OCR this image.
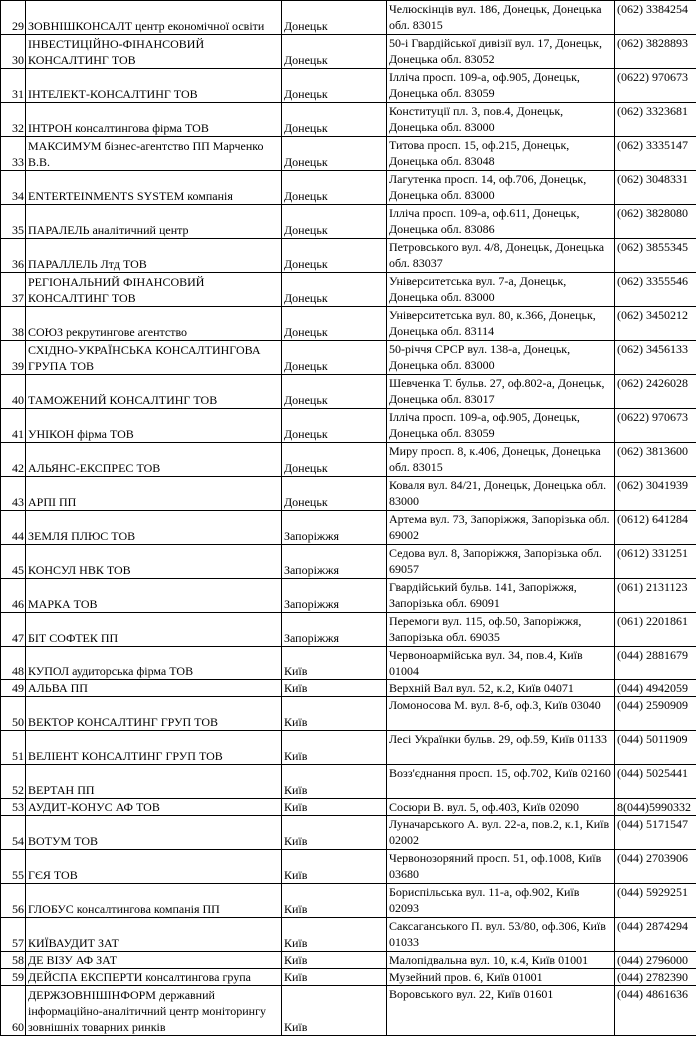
29	ЗОВНІШКОНСАЛТ центр економічної освіти	Донецьк	Челюскінців вул. 186, Донецьк, Донецька обл. 83015	(062) 3384254
30	ІНВЕСТИЦІЙНО-ФІНАНСОВИЙ КОНСАЛТИНГ ТОВ	Донецьк	50-і Гвардійської дивізії вул. 17, Донецьк, Донецька обл. 83052	(062) 3828893
31	ІНТЕЛЕКТ-КОНСАЛТИНГ ТОВ	Донецьк	Ілліча просп. 109-а, оф.905, Донецьк, Донецька обл. 83059	(0622) 970673
32	ІНТРОН консалтингова фірма ТОВ	Донецьк	Конституції пл. 3, пов.4, Донецьк, Донецька обл. 83000	(062) 3323681
33	МАКСИМУМ бізнес-агентство ПП Марченко В.В.	Донецьк	Титова просп. 15, оф.215, Донецьк, Донецька обл. 83048	(062) 3335147
34	ENTERTEINMENTS SYSTEM компанія	Донецьк	Лагутенка просп. 14, оф.706, Донецьк, Донецька обл. 83000	(062) 3048331
35	ПАРАЛЕЛЬ аналітичний центр	Донецьк	Ілліча просп. 109-а, оф.611, Донецьк, Донецька обл. 83086	(062) 3828080
36	ПАРАЛЛЕЛЬ Лтд ТОВ	Донецьк	Петровського вул. 4/8, Донецьк, Донецька обл. 83037	(062) 3855345
37	РЕГІОНАЛЬНИЙ ФІНАНСОВИЙ КОНСАЛТИНГ ТОВ	Донецьк	Університетська вул. 7-а, Донецьк, Донецька обл. 83000	(062) 3355546
38	СОЮЗ рекрутингове агентство	Донецьк	Університетська вул. 80, к.366, Донецьк, Донецька обл. 83114	(062) 3450212
39	СХІДНО-УКРАЇНСЬКА КОНСАЛТИНГОВА ГРУПА ТОВ	Донецьк	50-річчя СРСР вул. 138-а, Донецьк, Донецька обл. 83000	(062) 3456133
40	ТАМОЖЕНИЙ КОНСАЛТИНГ ТОВ	Донецьк	Шевченка Т. бульв. 27, оф.802-а, Донецьк, Донецька обл. 83017	(062) 2426028
41	УНІКОН фірма ТОВ	Донецьк	Ілліча просп. 109-а, оф.905, Донецьк, Донецька обл. 83059	(0622) 970673
42	АЛЬЯНС-ЕКСПРЕС ТОВ	Донецьк	Миру просп. 8, к.406, Донецьк, Донецька обл. 83015	(062) 3813600
43	АРПІ ПП	Донецьк	Коваля вул. 84/21, Донецьк, Донецька обл. 83000	(062) 3041939
44	ЗЕМЛЯ ПЛЮС ТОВ	Запоріжжя	Артема вул. 73, Запоріжжя, Запорізька обл. 69002	(0612) 641284
45	КОНСУЛ НВК ТОВ	Запоріжжя	Седова вул. 8, Запоріжжя, Запорізька обл. 69057	(0612) 331251
46	МАРКА ТОВ	Запоріжжя	Гвардійський бульв. 141, Запоріжжя, Запорізька обл. 69091	(061) 2131123
47	БІТ СОФТЕК ПП	Запоріжжя	Перемоги вул. 115, оф.50, Запоріжжя, Запорізька обл. 69035	(061) 2201861
48	КУПОЛ аудиторська фірма ТОВ	Київ	Червоноармійська вул. 34, пов.4, Київ 01004	(044) 2881679
49	АЛЬВА ПП	Київ	Верхній Вал вул. 52, к.2, Київ 04071	(044) 4942059
50	ВЕКТОР КОНСАЛТИНГ ГРУП ТОВ	Київ	Ломоносова М. вул. 8-б, оф.3, Київ 03040	(044) 2590909
51	ВЕЛІЕНТ КОНСАЛТИНГ ГРУП ТОВ	Київ	Лесі Українки бульв. 29, оф.59, Київ 01133	(044) 5011909
52	ВЕРТАН ПП	Київ	Возз'єднання просп. 15, оф.702, Київ 02160	(044) 5025441
53	АУДИТ-КОНУС АФ ТОВ	Київ	Сосюри В. вул. 5, оф.403, Київ 02090	8(044)5990332
54	ВОТУМ ТОВ	Київ	Луначарського А. вул. 22-а, пов.2, к.1, Київ 02002	(044) 5171547
55	ГЄЯ ТОВ	Київ	Червонозоряний просп. 51, оф.1008, Київ 03680	(044) 2703906
56	ГЛОБУС консалтингова компанія ПП	Київ	Бориспільська вул. 11-а, оф.902, Київ 02093	(044) 5929251
57	КИЇВАУДИТ ЗАТ	Київ	Саксаганського П. вул. 53/80, оф.306, Київ 01033	(044) 2874294
58	ДЕ ВІЗУ АФ ЗАТ	Київ	Малопідвальна вул. 10, к.4, Київ 01001	(044) 2796000
59	ДЕЙСПА ЕКСПЕРТИ консалтингова група	Київ	Музейний пров. 6, Київ 01001	(044) 2782390
60	ДЕРЖЗОВНІШІНФОРМ державний інформаційно-аналітичний центр моніторингу зовнішніх товарних ринків	Київ	Воровського вул. 22, Київ 01601	(044) 4861636
